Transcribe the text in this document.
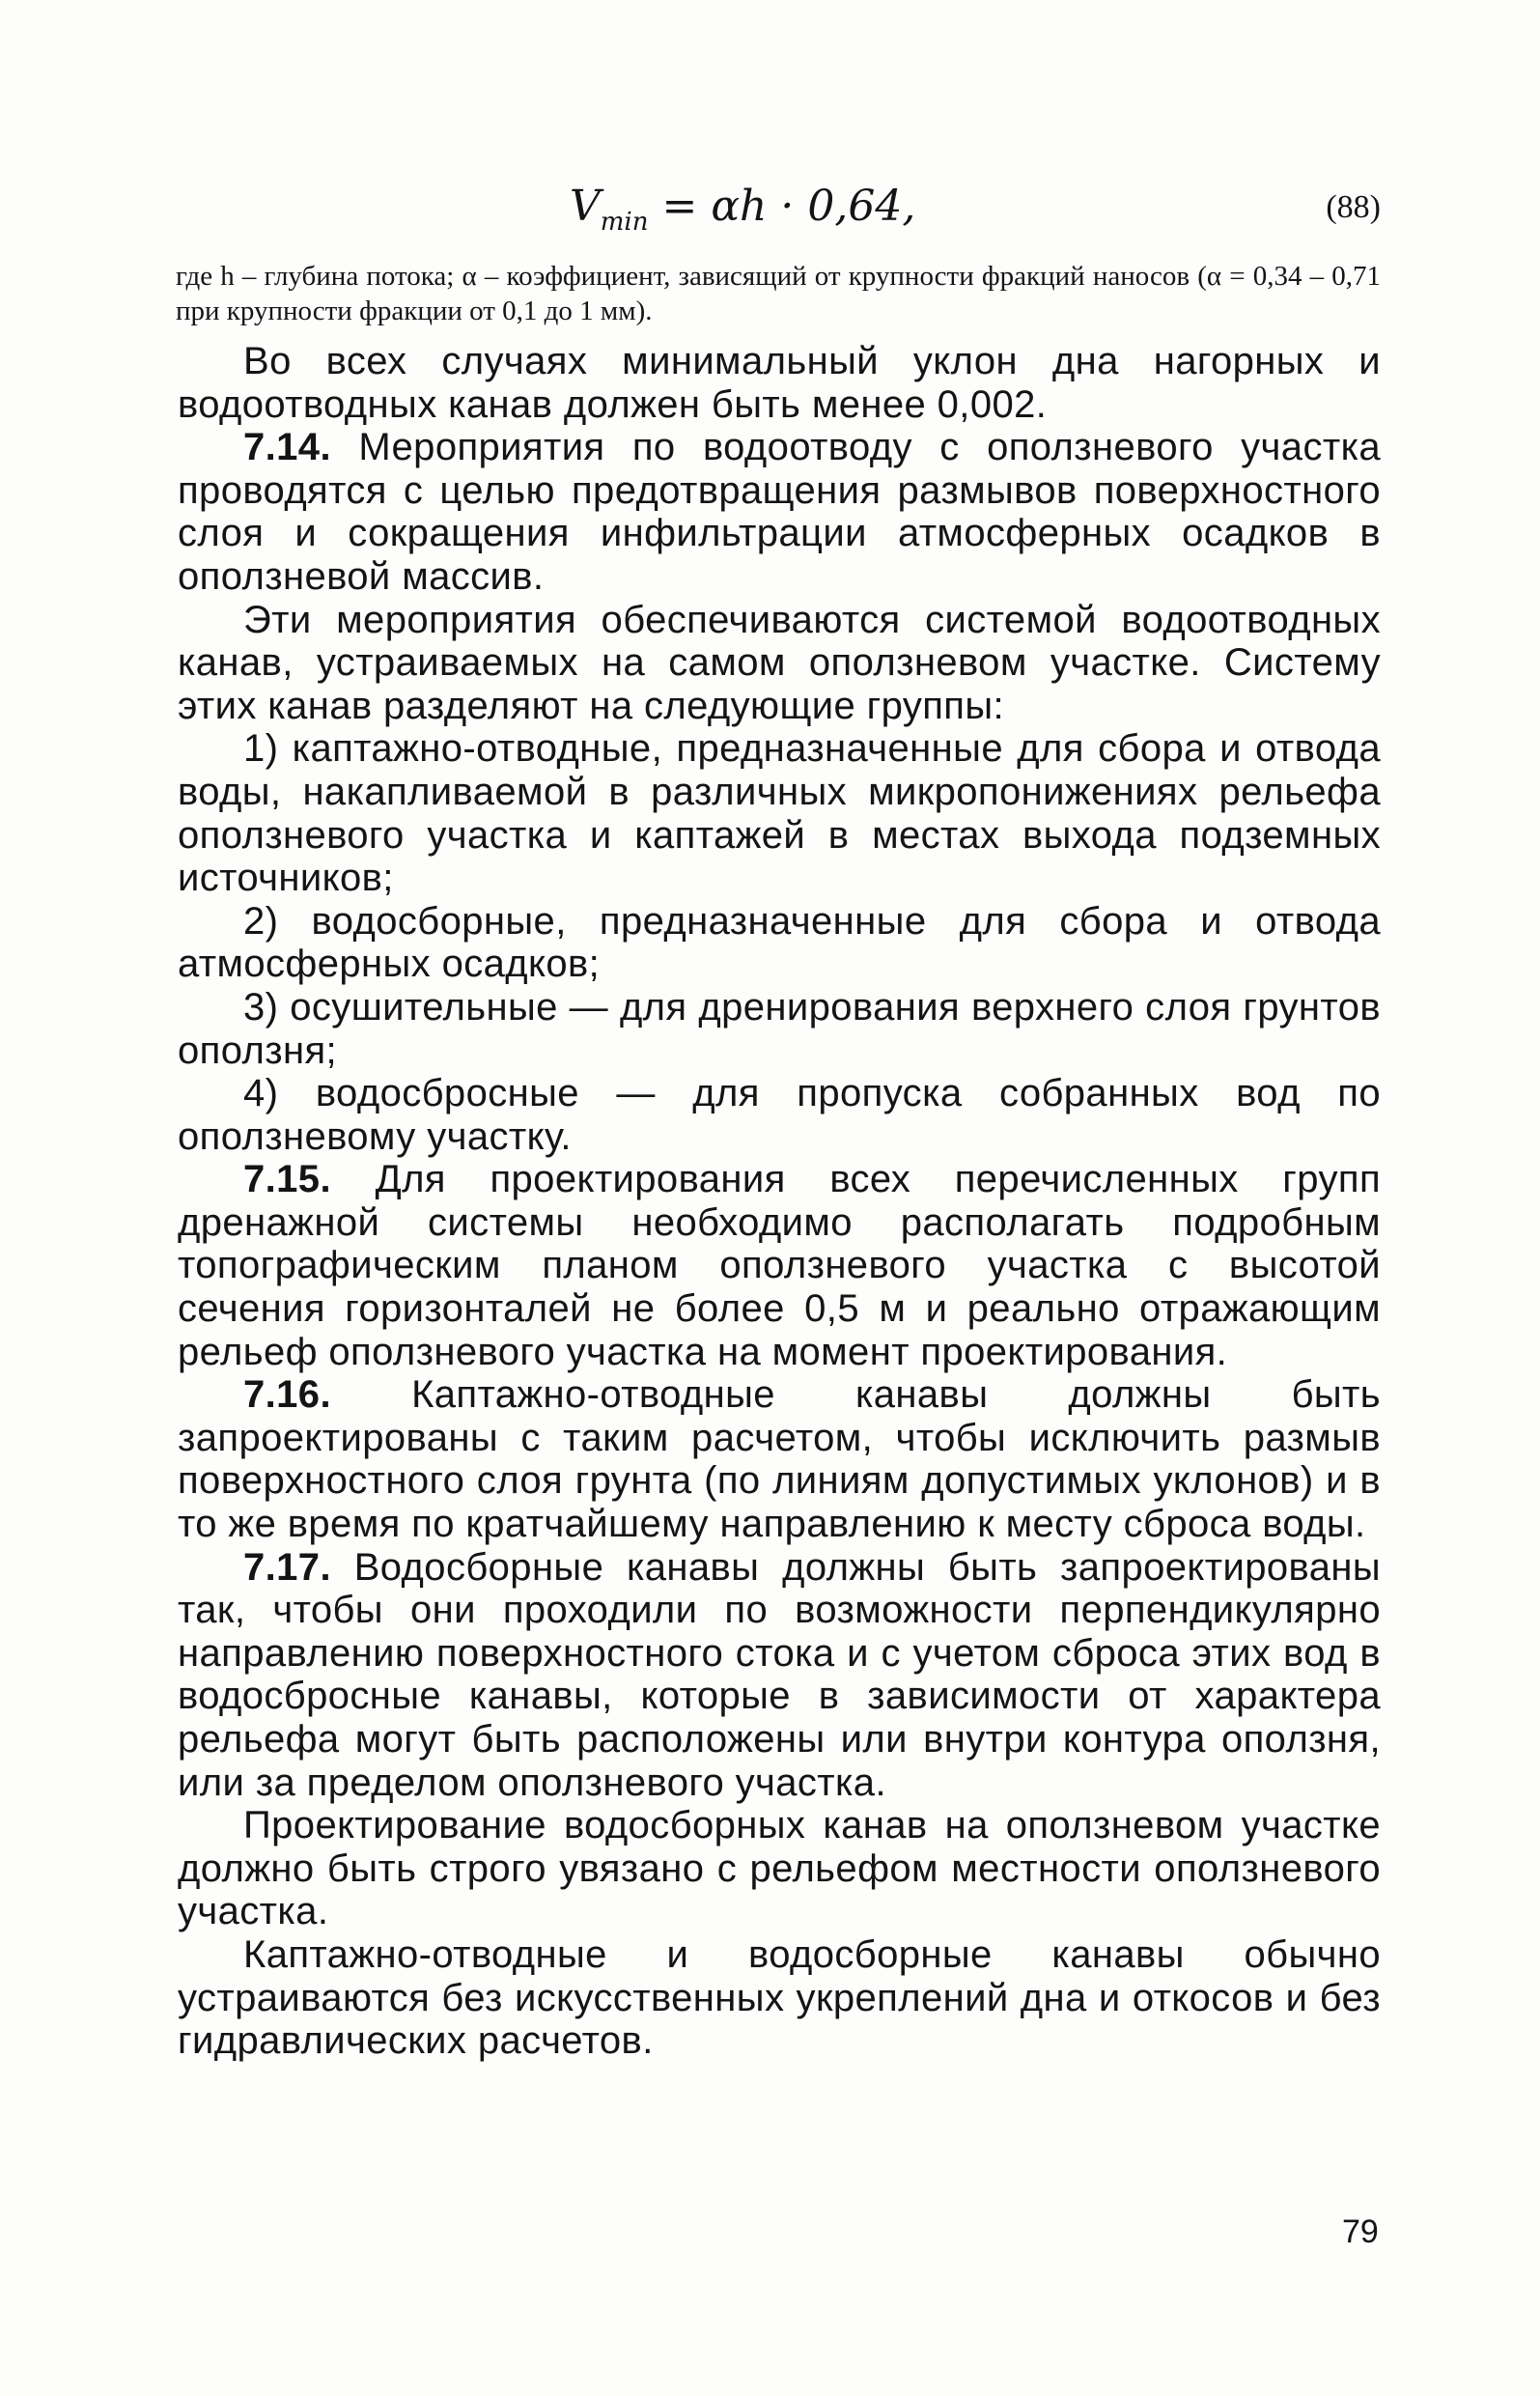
$V_{min} = \alpha h \cdot 0,64$,	(88)
где h – глубина потока; α – коэффициент, зависящий от крупности фракций наносов (α = 0,34 – 0,71 при крупности фракции от 0,1 до 1 мм).

Во всех случаях минимальный уклон дна нагорных и водоотводных канав должен быть менее 0,002.

7.14. Мероприятия по водоотводу с оползневого участка проводятся с целью предотвращения размывов поверхностного слоя и сокращения инфильтрации атмосферных осадков в оползневой массив.

Эти мероприятия обеспечиваются системой водоотводных канав, устраиваемых на самом оползневом участке. Систему этих канав разделяют на следующие группы:

1) каптажно-отводные, предназначенные для сбора и отвода воды, накапливаемой в различных микропонижениях рельефа оползневого участка и каптажей в местах выхода подземных источников;

2) водосборные, предназначенные для сбора и отвода атмосферных осадков;

3) осушительные — для дренирования верхнего слоя грунтов оползня;

4) водосбросные — для пропуска собранных вод по оползневому участку.

7.15. Для проектирования всех перечисленных групп дренажной системы необходимо располагать подробным топографическим планом оползневого участка с высотой сечения горизонталей не более 0,5 м и реально отражающим рельеф оползневого участка на момент проектирования.

7.16. Каптажно-отводные канавы должны быть запроектированы с таким расчетом, чтобы исключить размыв поверхностного слоя грунта (по линиям допустимых уклонов) и в то же время по кратчайшему направлению к месту сброса воды.

7.17. Водосборные канавы должны быть запроектированы так, чтобы они проходили по возможности перпендикулярно направлению поверхностного стока и с учетом сброса этих вод в водосбросные канавы, которые в зависимости от характера рельефа могут быть расположены или внутри контура оползня, или за пределом оползневого участка.

Проектирование водосборных канав на оползневом участке должно быть строго увязано с рельефом местности оползневого участка.

Каптажно-отводные и водосборные канавы обычно устраиваются без искусственных укреплений дна и откосов и без гидравлических расчетов.

79
